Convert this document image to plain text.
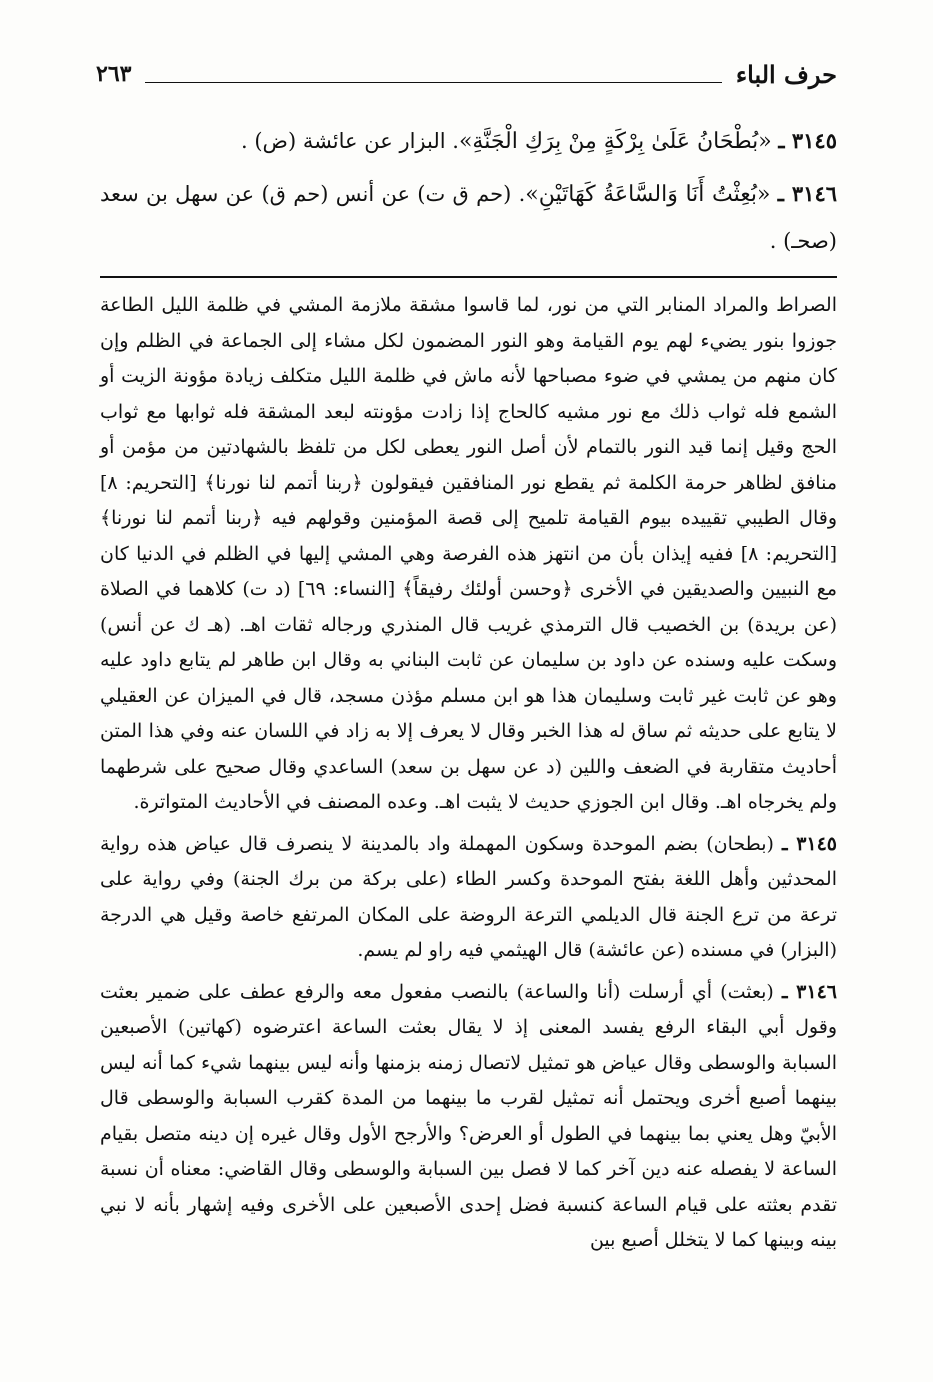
حرف الباء
٢٦٣

٣١٤٥ ـ «بُطْحَانُ عَلَىٰ بِرْكَةٍ مِنْ بِرَكِ الْجَنَّةِ». البزار عن عائشة (ض) .

٣١٤٦ ـ «بُعِثْتُ أَنَا وَالسَّاعَةُ كَهَاتَيْنِ». (حم ق ت) عن أنس (حم ق) عن سهل بن سعد (صحـ) .

الصراط والمراد المنابر التي من نور، لما قاسوا مشقة ملازمة المشي في ظلمة الليل الطاعة جوزوا بنور يضيء لهم يوم القيامة وهو النور المضمون لكل مشاء إلى الجماعة في الظلم وإن كان منهم من يمشي في ضوء مصباحها لأنه ماش في ظلمة الليل متكلف زيادة مؤونة الزيت أو الشمع فله ثواب ذلك مع نور مشيه كالحاج إذا زادت مؤونته لبعد المشقة فله ثوابها مع ثواب الحج وقيل إنما قيد النور بالتمام لأن أصل النور يعطى لكل من تلفظ بالشهادتين من مؤمن أو منافق لظاهر حرمة الكلمة ثم يقطع نور المنافقين فيقولون ﴿ربنا أتمم لنا نورنا﴾ [التحريم: ٨] وقال الطيبي تقييده بيوم القيامة تلميح إلى قصة المؤمنين وقولهم فيه ﴿ربنا أتمم لنا نورنا﴾ [التحريم: ٨] ففيه إيذان بأن من انتهز هذه الفرصة وهي المشي إليها في الظلم في الدنيا كان مع النبيين والصديقين في الأخرى ﴿وحسن أولئك رفيقاً﴾ [النساء: ٦٩] (د ت) كلاهما في الصلاة (عن بريدة) بن الخصيب قال الترمذي غريب قال المنذري ورجاله ثقات اهـ. (هـ ك عن أنس) وسكت عليه وسنده عن داود بن سليمان عن ثابت البناني به وقال ابن طاهر لم يتابع داود عليه وهو عن ثابت غير ثابت وسليمان هذا هو ابن مسلم مؤذن مسجد، قال في الميزان عن العقيلي لا يتابع على حديثه ثم ساق له هذا الخبر وقال لا يعرف إلا به زاد في اللسان عنه وفي هذا المتن أحاديث متقاربة في الضعف واللين (د عن سهل بن سعد) الساعدي وقال صحيح على شرطهما ولم يخرجاه اهـ. وقال ابن الجوزي حديث لا يثبت اهـ. وعده المصنف في الأحاديث المتواترة.

٣١٤٥ ـ (بطحان) بضم الموحدة وسكون المهملة واد بالمدينة لا ينصرف قال عياض هذه رواية المحدثين وأهل اللغة بفتح الموحدة وكسر الطاء (على بركة من برك الجنة) وفي رواية على ترعة من ترع الجنة قال الديلمي الترعة الروضة على المكان المرتفع خاصة وقيل هي الدرجة (البزار) في مسنده (عن عائشة) قال الهيثمي فيه راو لم يسم.

٣١٤٦ ـ (بعثت) أي أرسلت (أنا والساعة) بالنصب مفعول معه والرفع عطف على ضمير بعثت وقول أبي البقاء الرفع يفسد المعنى إذ لا يقال بعثت الساعة اعترضوه (كهاتين) الأصبعين السبابة والوسطى وقال عياض هو تمثيل لاتصال زمنه بزمنها وأنه ليس بينهما شيء كما أنه ليس بينهما أصبع أخرى ويحتمل أنه تمثيل لقرب ما بينهما من المدة كقرب السبابة والوسطى قال الأبيّ وهل يعني بما بينهما في الطول أو العرض؟ والأرجح الأول وقال غيره إن دينه متصل بقيام الساعة لا يفصله عنه دين آخر كما لا فصل بين السبابة والوسطى وقال القاضي: معناه أن نسبة تقدم بعثته على قيام الساعة كنسبة فضل إحدى الأصبعين على الأخرى وفيه إشهار بأنه لا نبي بينه وبينها كما لا يتخلل أصبع بين
